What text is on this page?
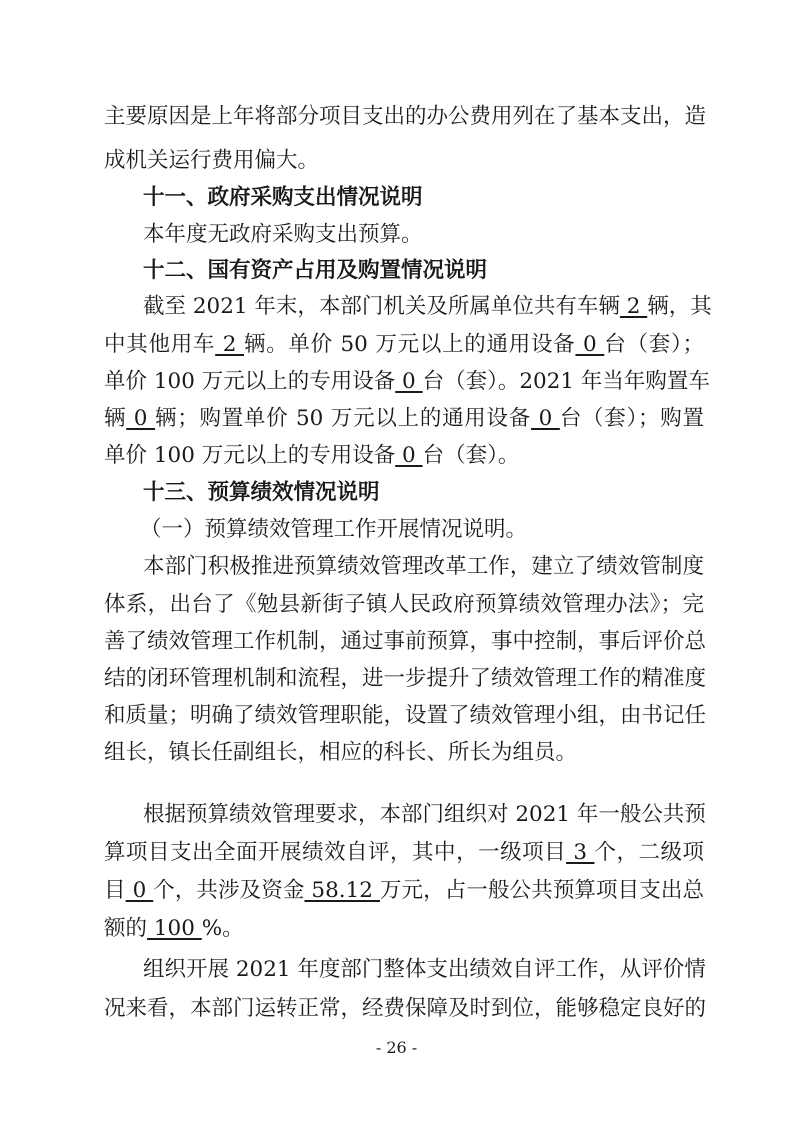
主要原因是上年将部分项目支出的办公费用列在了基本支出，造
成机关运行费用偏大。
十一、政府采购支出情况说明
本年度无政府采购支出预算。
十二、国有资产占用及购置情况说明
截至 2021 年末，本部门机关及所属单位共有车辆 2 辆，其
中其他用车 2 辆。单价 50 万元以上的通用设备 0 台（套）；
单价 100 万元以上的专用设备 0 台（套）。2021 年当年购置车
辆 0 辆；购置单价 50 万元以上的通用设备 0 台（套）；购置
单价 100 万元以上的专用设备 0 台（套）。
十三、预算绩效情况说明
（一）预算绩效管理工作开展情况说明。
本部门积极推进预算绩效管理改革工作，建立了绩效管制度
体系，出台了《勉县新街子镇人民政府预算绩效管理办法》；完
善了绩效管理工作机制，通过事前预算，事中控制，事后评价总
结的闭环管理机制和流程，进一步提升了绩效管理工作的精准度
和质量；明确了绩效管理职能，设置了绩效管理小组，由书记任
组长，镇长任副组长，相应的科长、所长为组员。
根据预算绩效管理要求，本部门组织对 2021 年一般公共预
算项目支出全面开展绩效自评，其中，一级项目 3 个，二级项
目 0 个，共涉及资金 58.12 万元，占一般公共预算项目支出总
额的 100 %。
组织开展 2021 年度部门整体支出绩效自评工作，从评价情
况来看，本部门运转正常，经费保障及时到位，能够稳定良好的
- 26 -
